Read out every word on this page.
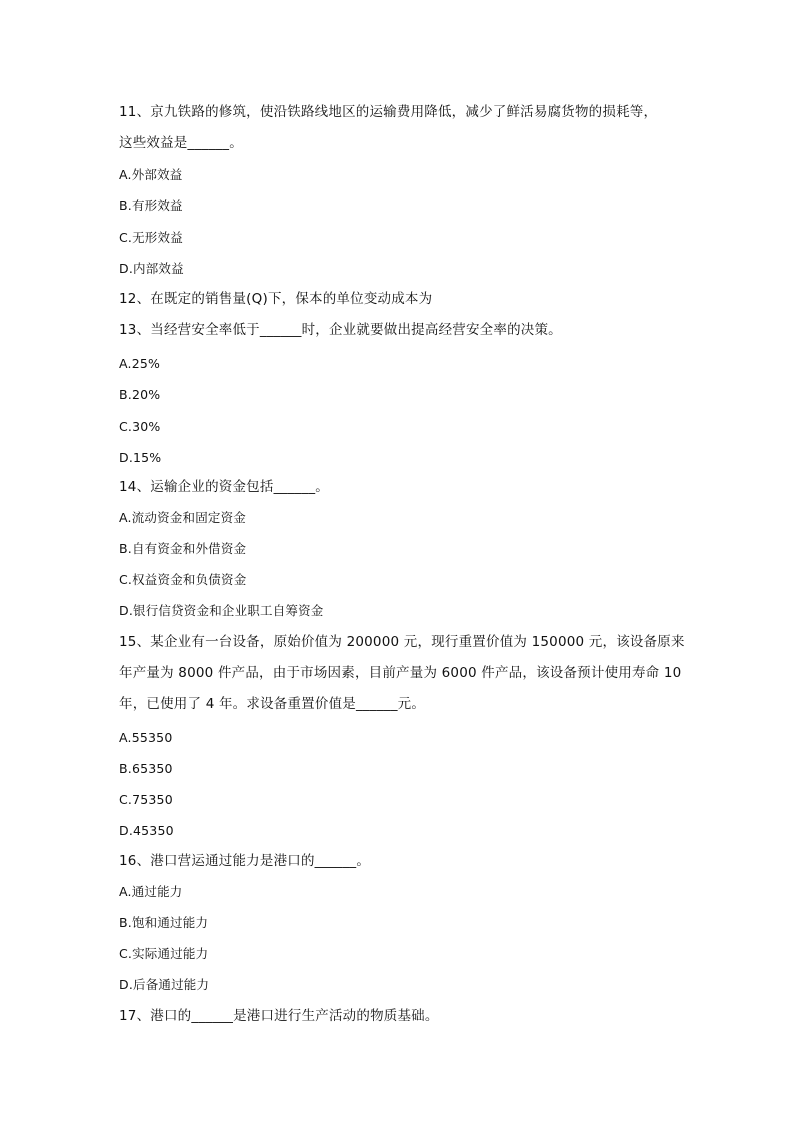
11、京九铁路的修筑，使沿铁路线地区的运输费用降低，减少了鲜活易腐货物的损耗等，
这些效益是______。
A.外部效益
B.有形效益
C.无形效益
D.内部效益
12、在既定的销售量(Q)下，保本的单位变动成本为
13、当经营安全率低于______时，企业就要做出提高经营安全率的决策。
A.25%
B.20%
C.30%
D.15%
14、运输企业的资金包括______。
A.流动资金和固定资金
B.自有资金和外借资金
C.权益资金和负债资金
D.银行信贷资金和企业职工自筹资金
15、某企业有一台设备，原始价值为 200000 元，现行重置价值为 150000 元，该设备原来
年产量为 8000 件产品，由于市场因素，目前产量为 6000 件产品，该设备预计使用寿命 10
年，已使用了 4 年。求设备重置价值是______元。
A.55350
B.65350
C.75350
D.45350
16、港口营运通过能力是港口的______。
A.通过能力
B.饱和通过能力
C.实际通过能力
D.后备通过能力
17、港口的______是港口进行生产活动的物质基础。
